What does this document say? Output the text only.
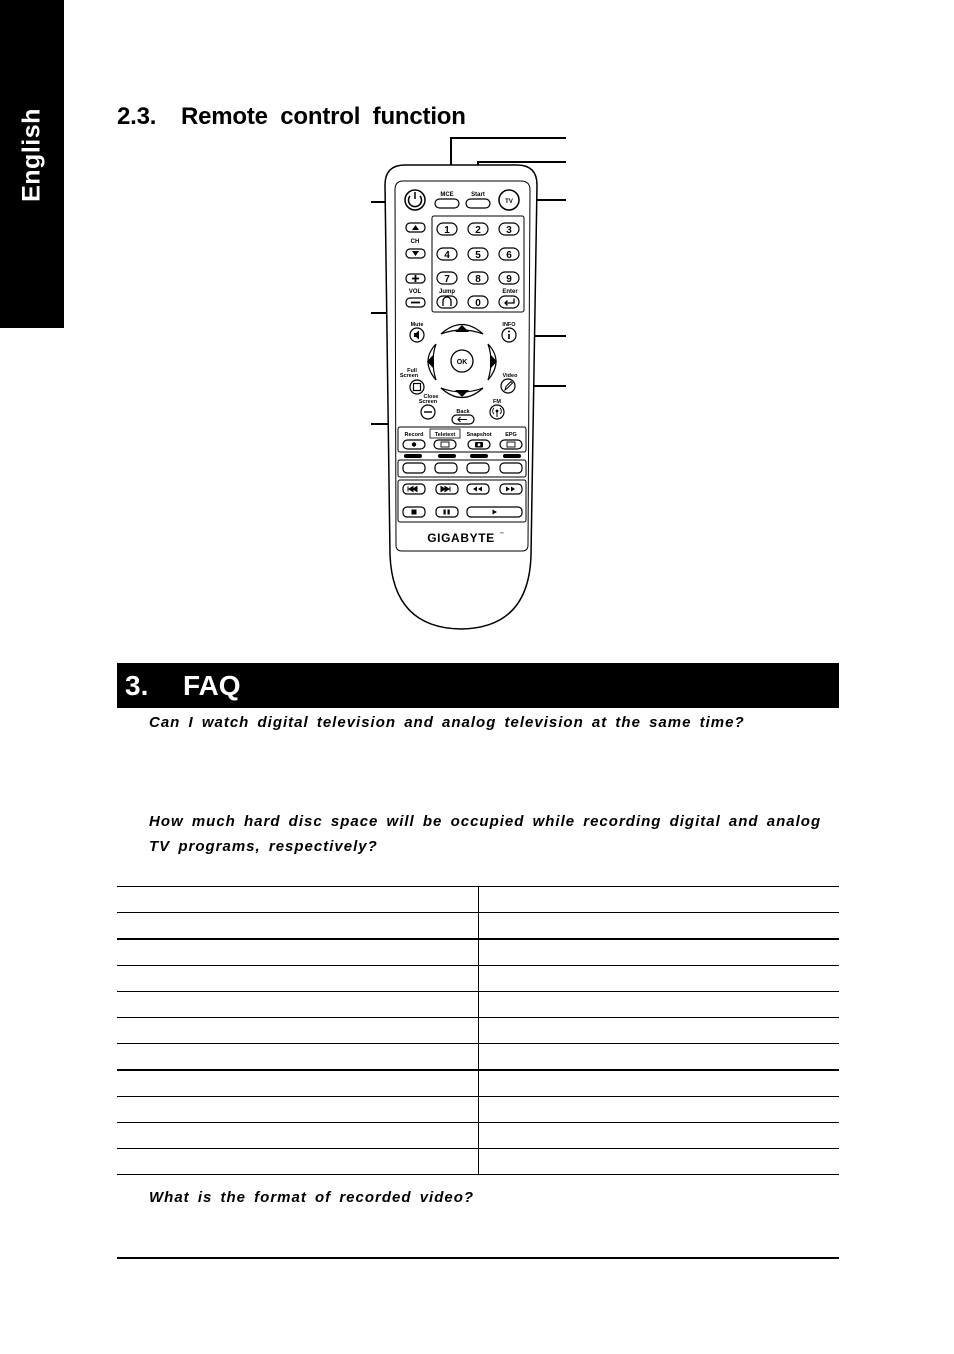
English	2.3.	Remote control function
MCE	Start
TV
CH
VOL
1	2	3
4	5	6
7	8	9
Jump
0
Enter
Mute	INFO
OK
Full
Screen	Video
Close
Screen	FM
Back
Record Teletext Snapshot EPG
GIGABYTE ™
3.	FAQ
Can I watch digital television and analog television at the same time?
How much hard disc space will be occupied while recording digital and analog TV programs, respectively?
What is the format of recorded video?
